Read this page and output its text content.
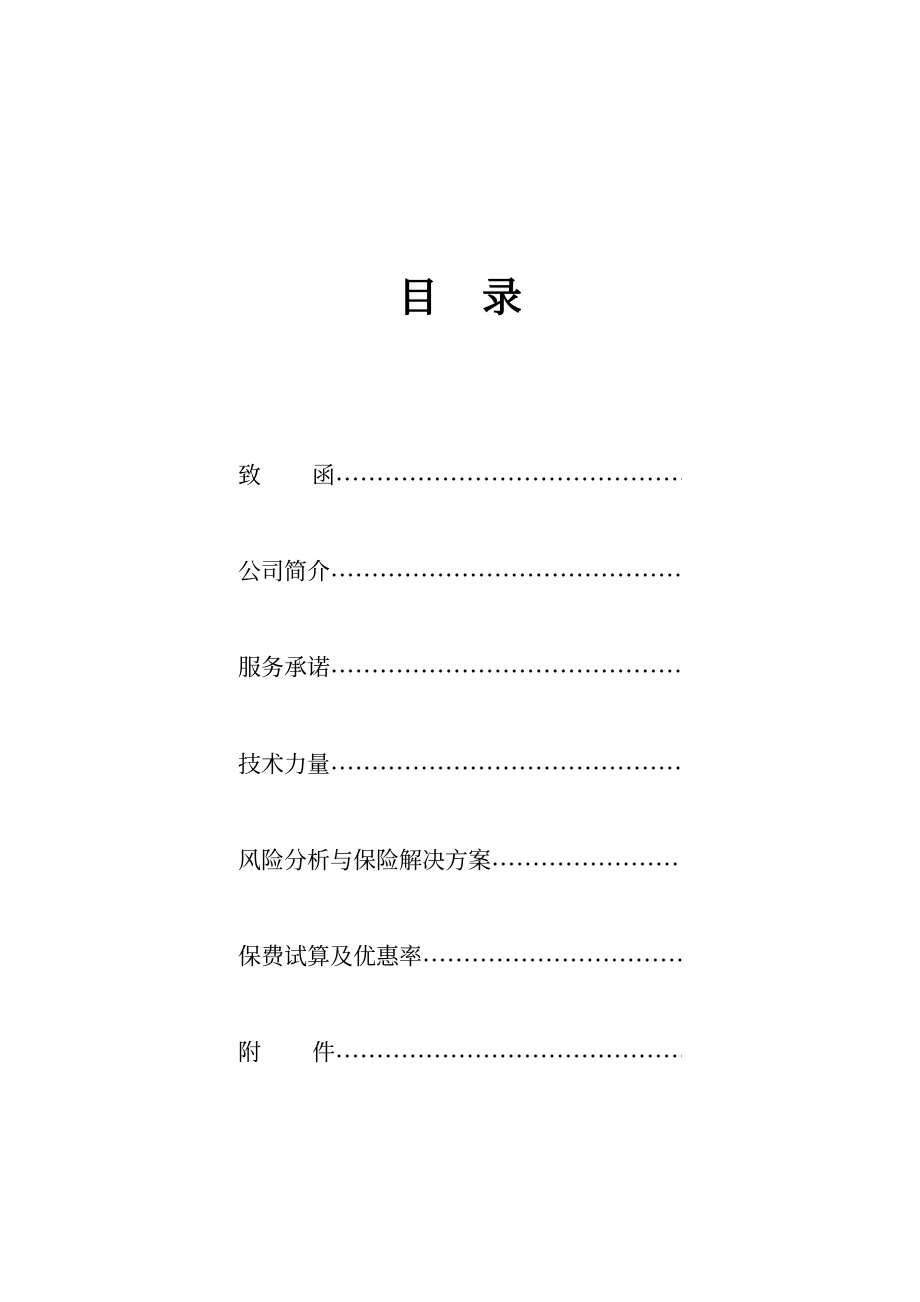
目 录
致 函
公司简介
服务承诺
技术力量
风险分析与保险解决方案
保费试算及优惠率
附 件
